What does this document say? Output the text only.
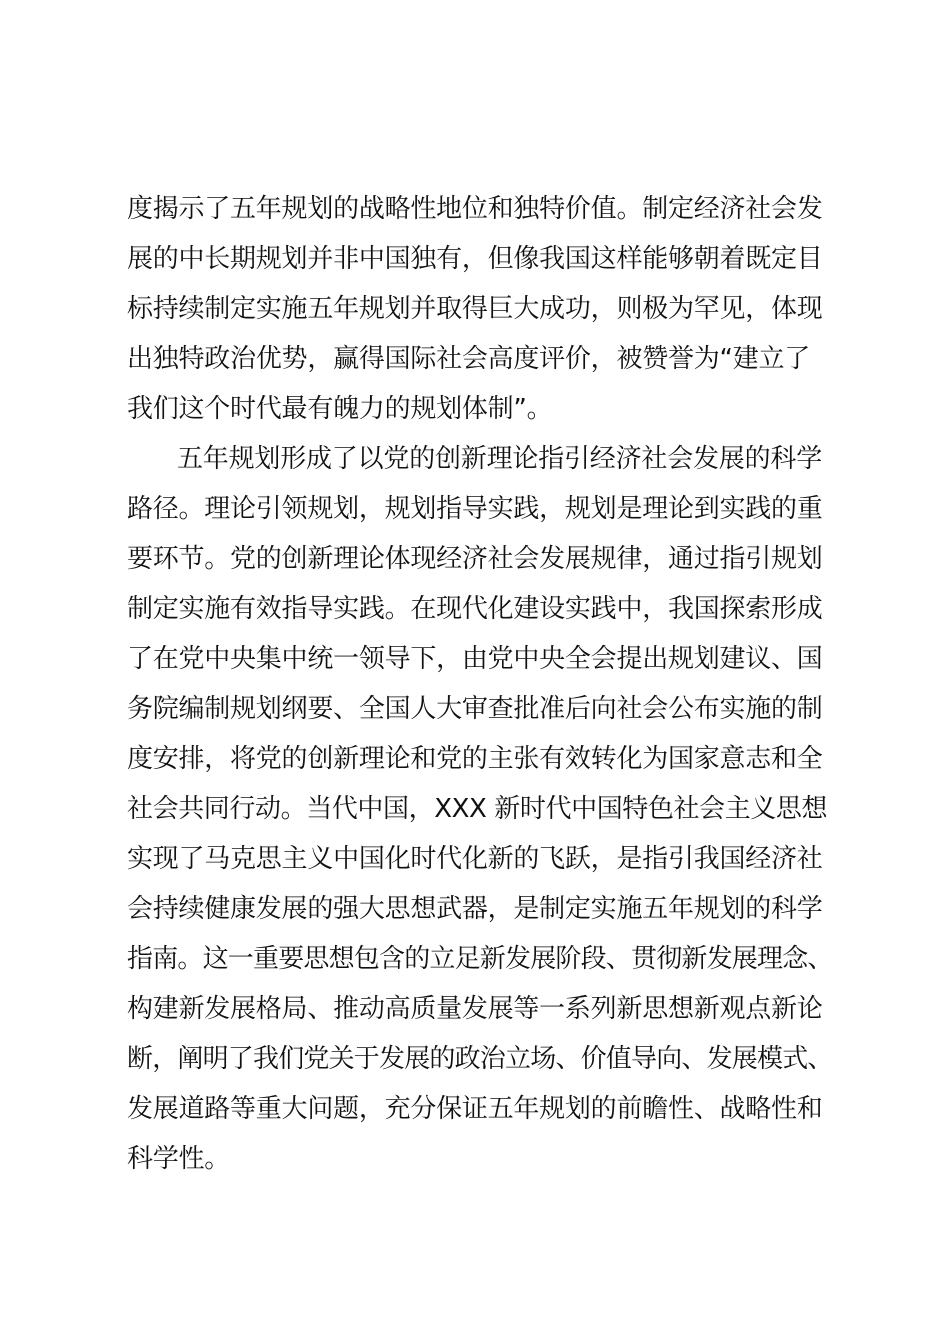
度揭示了五年规划的战略性地位和独特价值。制定经济社会发
展的中长期规划并非中国独有，但像我国这样能够朝着既定目
标持续制定实施五年规划并取得巨大成功，则极为罕见，体现
出独特政治优势，赢得国际社会高度评价，被赞誉为“建立了
我们这个时代最有魄力的规划体制”。
五年规划形成了以党的创新理论指引经济社会发展的科学
路径。理论引领规划，规划指导实践，规划是理论到实践的重
要环节。党的创新理论体现经济社会发展规律，通过指引规划
制定实施有效指导实践。在现代化建设实践中，我国探索形成
了在党中央集中统一领导下，由党中央全会提出规划建议、国
务院编制规划纲要、全国人大审查批准后向社会公布实施的制
度安排，将党的创新理论和党的主张有效转化为国家意志和全
社会共同行动。当代中国，XXX 新时代中国特色社会主义思想
实现了马克思主义中国化时代化新的飞跃，是指引我国经济社
会持续健康发展的强大思想武器，是制定实施五年规划的科学
指南。这一重要思想包含的立足新发展阶段、贯彻新发展理念、
构建新发展格局、推动高质量发展等一系列新思想新观点新论
断，阐明了我们党关于发展的政治立场、价值导向、发展模式、
发展道路等重大问题，充分保证五年规划的前瞻性、战略性和
科学性。
